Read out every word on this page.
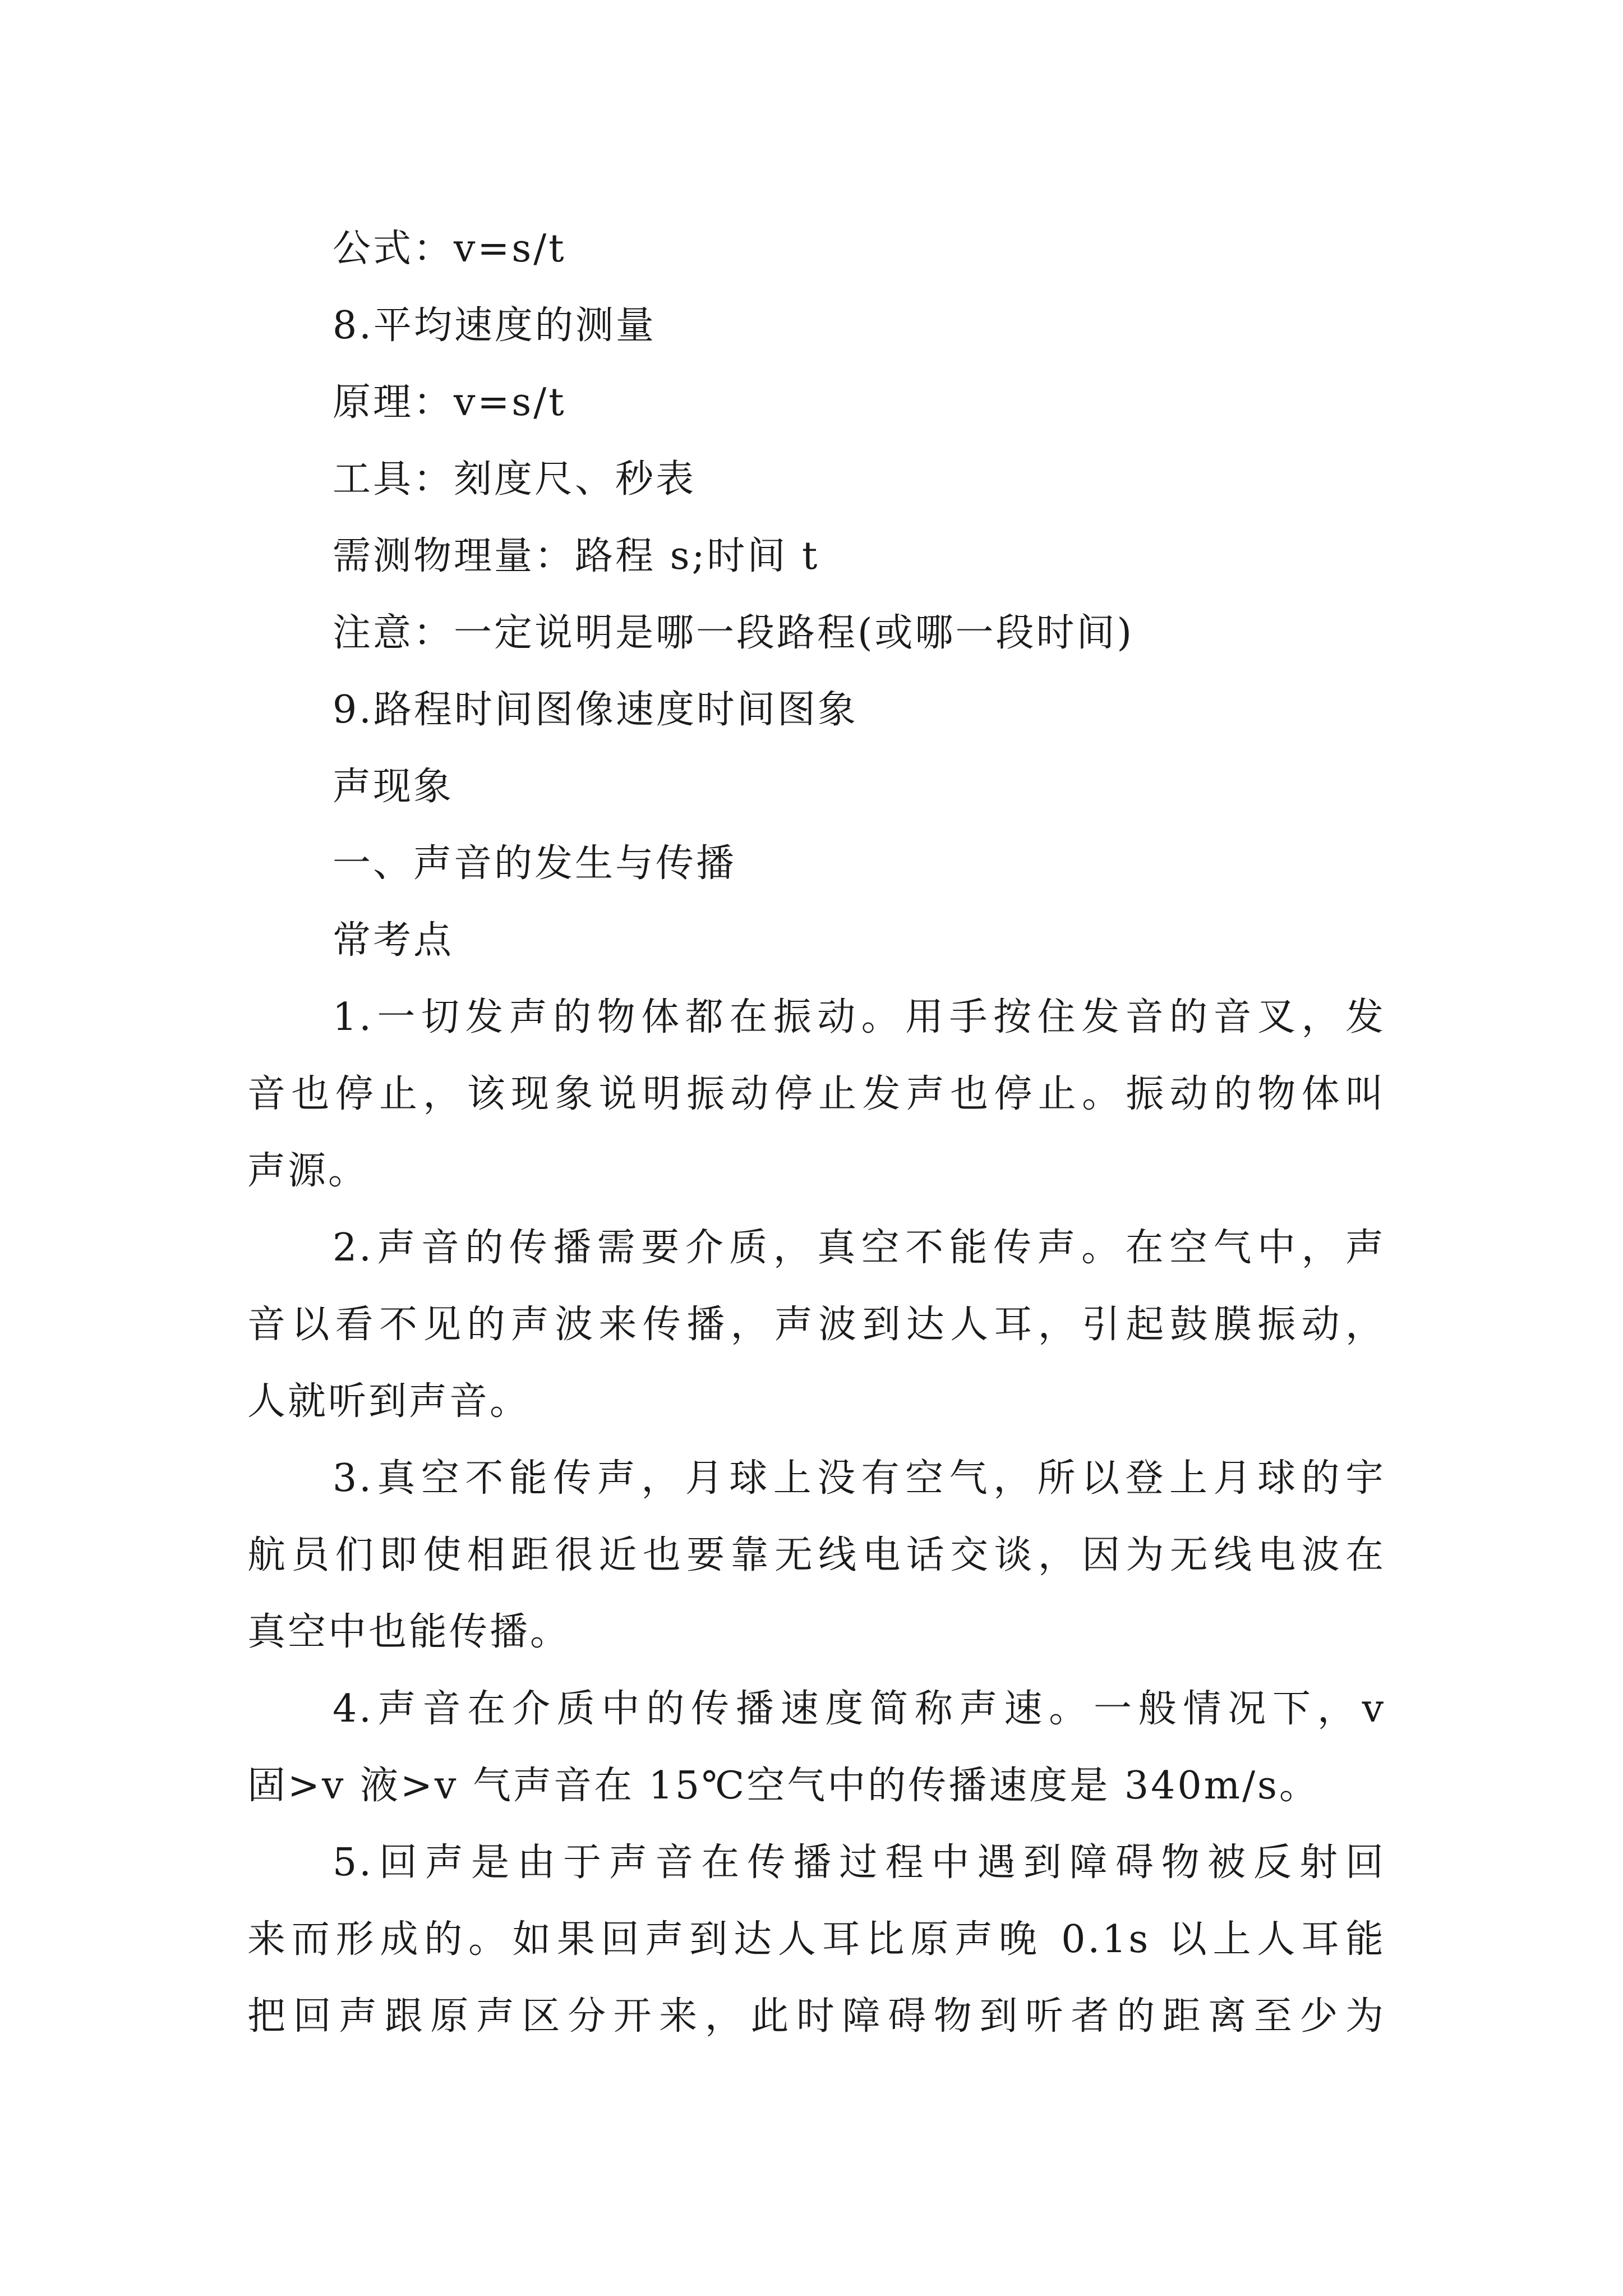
公式：v=s/t
8.平均速度的测量
原理：v=s/t
工具：刻度尺、秒表
需测物理量：路程 s;时间 t
注意：一定说明是哪一段路程(或哪一段时间)
9.路程时间图像速度时间图象
声现象
一、声音的发生与传播
常考点
1.一切发声的物体都在振动。用手按住发音的音叉，发
音也停止，该现象说明振动停止发声也停止。振动的物体叫
声源。
2.声音的传播需要介质，真空不能传声。在空气中，声
音以看不见的声波来传播，声波到达人耳，引起鼓膜振动，
人就听到声音。
3.真空不能传声，月球上没有空气，所以登上月球的宇
航员们即使相距很近也要靠无线电话交谈，因为无线电波在
真空中也能传播。
4.声音在介质中的传播速度简称声速。一般情况下，v
固>v 液>v 气声音在 15℃空气中的传播速度是 340m/s。
5.回声是由于声音在传播过程中遇到障碍物被反射回
来而形成的。如果回声到达人耳比原声晚 0.1s 以上人耳能
把回声跟原声区分开来，此时障碍物到听者的距离至少为
